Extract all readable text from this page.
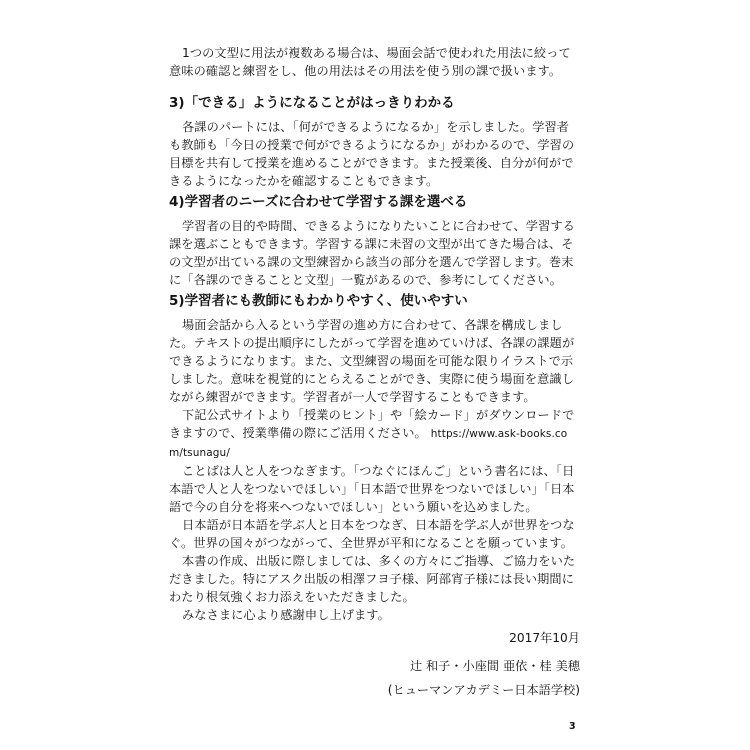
1つの文型に用法が複数ある場合は、場面会話で使われた用法に絞って意味の確認と練習をし、他の用法はその用法を使う別の課で扱います。

3)「できる」ようになることがはっきりわかる

各課のパートには、「何ができるようになるか」を示しました。学習者も教師も「今日の授業で何ができるようになるか」がわかるので、学習の目標を共有して授業を進めることができます。また授業後、自分が何ができるようになったかを確認することもできます。

4)学習者のニーズに合わせて学習する課を選べる

学習者の目的や時間、できるようになりたいことに合わせて、学習する課を選ぶこともできます。学習する課に未習の文型が出てきた場合は、その文型が出ている課の文型練習から該当の部分を選んで学習します。巻末に「各課のできることと文型」一覧があるので、参考にしてください。

5)学習者にも教師にもわかりやすく、使いやすい

場面会話から入るという学習の進め方に合わせて、各課を構成しました。テキストの提出順序にしたがって学習を進めていけば、各課の課題ができるようになります。また、文型練習の場面を可能な限りイラストで示しました。意味を視覚的にとらえることができ、実際に使う場面を意識しながら練習ができます。学習者が一人で学習することもできます。

下記公式サイトより「授業のヒント」や「絵カード」がダウンロードできますので、授業準備の際にご活用ください。 https://www.ask-books.com/tsunagu/

ことばは人と人をつなぎます。「つなぐにほんご」という書名には、「日本語で人と人をつないでほしい」「日本語で世界をつないでほしい」「日本語で今の自分を将来へつないでほしい」という願いを込めました。

日本語が日本語を学ぶ人と日本をつなぎ、日本語を学ぶ人が世界をつなぐ。世界の国々がつながって、全世界が平和になることを願っています。

本書の作成、出版に際しましては、多くの方々にご指導、ご協力をいただきました。特にアスク出版の相澤フヨ子様、阿部宵子様には長い期間にわたり根気強くお力添えをいただきました。

みなさまに心より感謝申し上げます。

2017年10月
辻 和子・小座間 亜依・桂 美穂
(ヒューマンアカデミー日本語学校)
3
